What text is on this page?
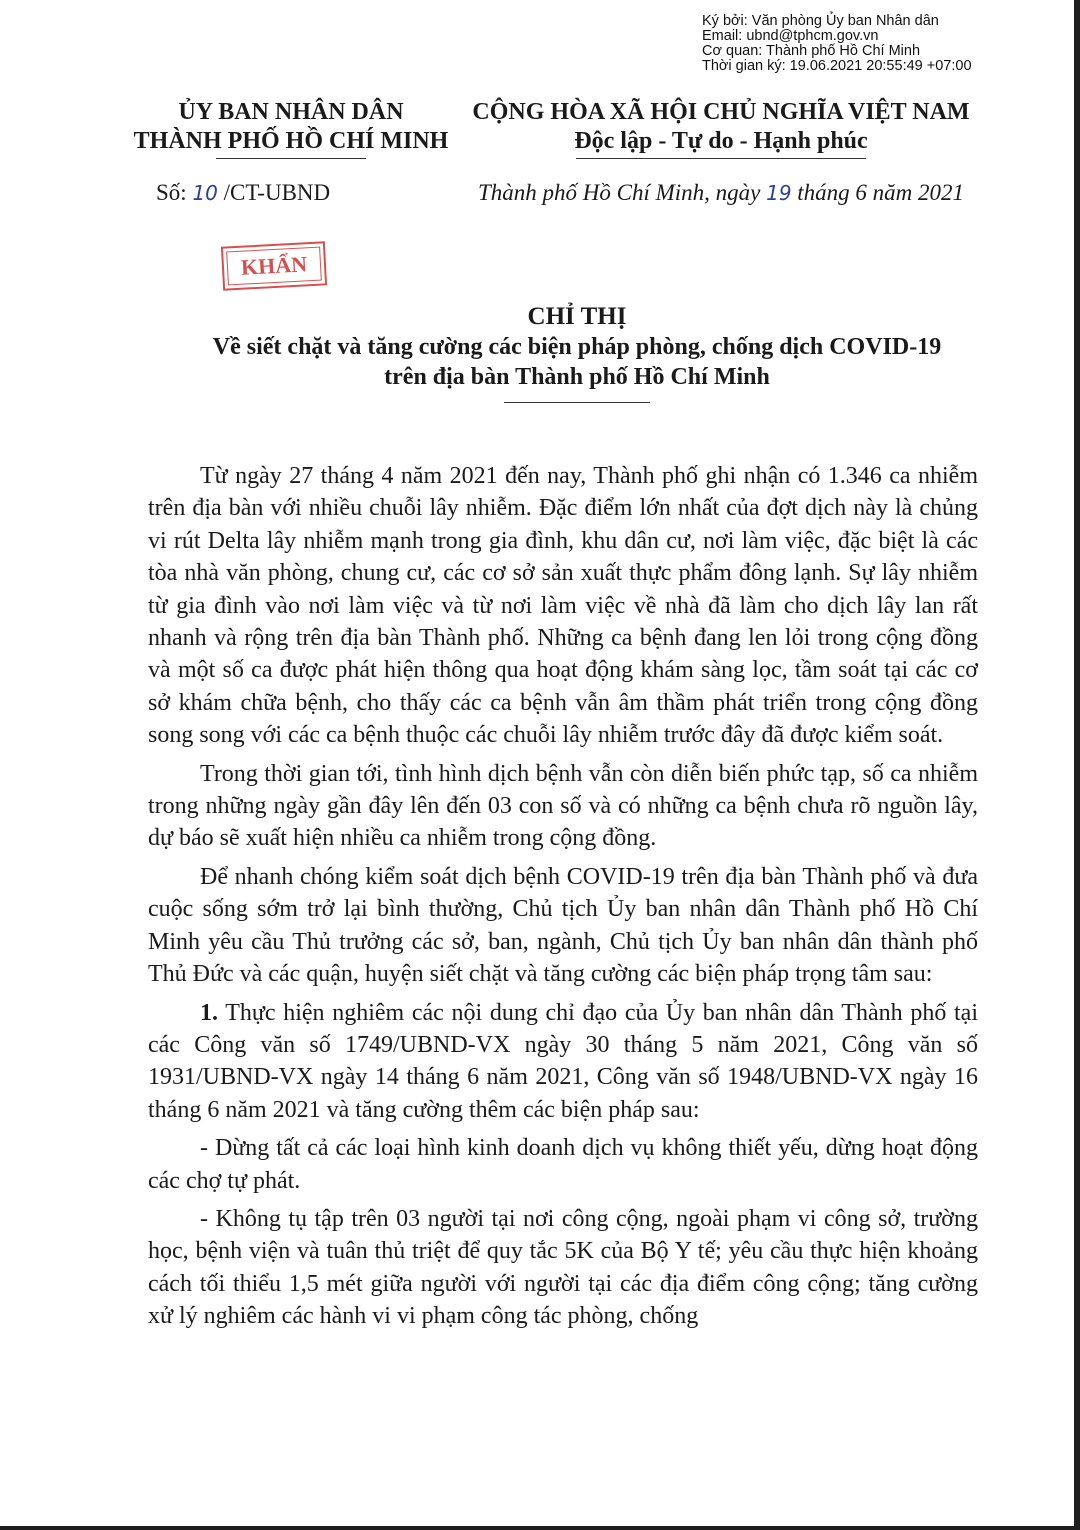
Ký bởi: Văn phòng Ủy ban Nhân dân
Email: ubnd@tphcm.gov.vn
Cơ quan: Thành phố Hồ Chí Minh
Thời gian ký: 19.06.2021 20:55:49 +07:00
ỦY BAN NHÂN DÂN
THÀNH PHỐ HỒ CHÍ MINH
CỘNG HÒA XÃ HỘI CHỦ NGHĨA VIỆT NAM
Độc lập - Tự do - Hạnh phúc
Số: 10 /CT-UBND	Thành phố Hồ Chí Minh, ngày 19 tháng 6 năm 2021
KHẨN
CHỈ THỊ
Về siết chặt và tăng cường các biện pháp phòng, chống dịch COVID-19
trên địa bàn Thành phố Hồ Chí Minh

Từ ngày 27 tháng 4 năm 2021 đến nay, Thành phố ghi nhận có 1.346 ca nhiễm trên địa bàn với nhiều chuỗi lây nhiễm. Đặc điểm lớn nhất của đợt dịch này là chủng vi rút Delta lây nhiễm mạnh trong gia đình, khu dân cư, nơi làm việc, đặc biệt là các tòa nhà văn phòng, chung cư, các cơ sở sản xuất thực phẩm đông lạnh. Sự lây nhiễm từ gia đình vào nơi làm việc và từ nơi làm việc về nhà đã làm cho dịch lây lan rất nhanh và rộng trên địa bàn Thành phố. Những ca bệnh đang len lỏi trong cộng đồng và một số ca được phát hiện thông qua hoạt động khám sàng lọc, tầm soát tại các cơ sở khám chữa bệnh, cho thấy các ca bệnh vẫn âm thầm phát triển trong cộng đồng song song với các ca bệnh thuộc các chuỗi lây nhiễm trước đây đã được kiểm soát.

Trong thời gian tới, tình hình dịch bệnh vẫn còn diễn biến phức tạp, số ca nhiễm trong những ngày gần đây lên đến 03 con số và có những ca bệnh chưa rõ nguồn lây, dự báo sẽ xuất hiện nhiều ca nhiễm trong cộng đồng.

Để nhanh chóng kiểm soát dịch bệnh COVID-19 trên địa bàn Thành phố và đưa cuộc sống sớm trở lại bình thường, Chủ tịch Ủy ban nhân dân Thành phố Hồ Chí Minh yêu cầu Thủ trưởng các sở, ban, ngành, Chủ tịch Ủy ban nhân dân thành phố Thủ Đức và các quận, huyện siết chặt và tăng cường các biện pháp trọng tâm sau:

1. Thực hiện nghiêm các nội dung chỉ đạo của Ủy ban nhân dân Thành phố tại các Công văn số 1749/UBND-VX ngày 30 tháng 5 năm 2021, Công văn số 1931/UBND-VX ngày 14 tháng 6 năm 2021, Công văn số 1948/UBND-VX ngày 16 tháng 6 năm 2021 và tăng cường thêm các biện pháp sau:

- Dừng tất cả các loại hình kinh doanh dịch vụ không thiết yếu, dừng hoạt động các chợ tự phát.

- Không tụ tập trên 03 người tại nơi công cộng, ngoài phạm vi công sở, trường học, bệnh viện và tuân thủ triệt để quy tắc 5K của Bộ Y tế; yêu cầu thực hiện khoảng cách tối thiểu 1,5 mét giữa người với người tại các địa điểm công cộng; tăng cường xử lý nghiêm các hành vi vi phạm công tác phòng, chống
